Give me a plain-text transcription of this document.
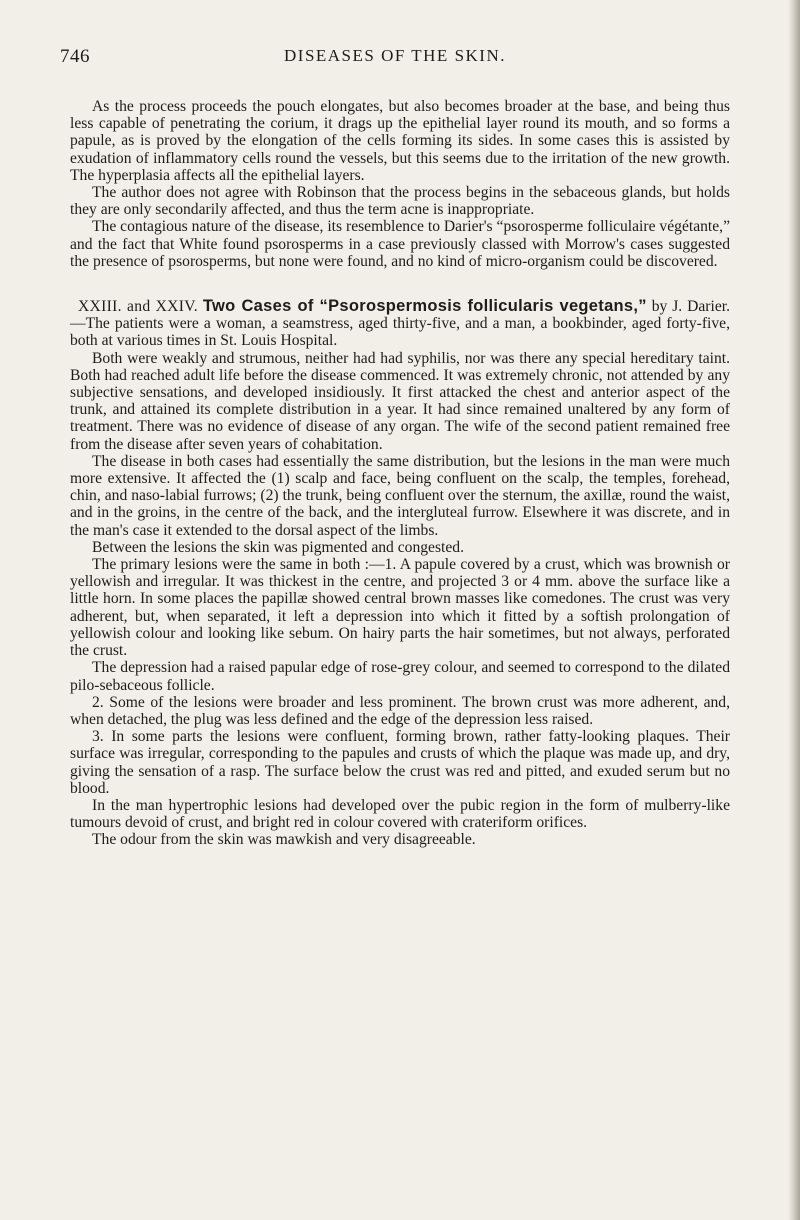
746	DISEASES OF THE SKIN.

As the process proceeds the pouch elongates, but also becomes broader at the base, and being thus less capable of penetrating the corium, it drags up the epithelial layer round its mouth, and so forms a papule, as is proved by the elongation of the cells forming its sides. In some cases this is assisted by exudation of inflammatory cells round the vessels, but this seems due to the irritation of the new growth. The hyperplasia affects all the epithelial layers.

The author does not agree with Robinson that the process begins in the sebaceous glands, but holds they are only secondarily affected, and thus the term acne is inappropriate.

The contagious nature of the disease, its resemblence to Darier's “psorosperme folliculaire végétante,” and the fact that White found psorosperms in a case previously classed with Morrow's cases suggested the presence of psorosperms, but none were found, and no kind of micro-organism could be discovered.

XXIII. and XXIV. Two Cases of “Psorospermosis follicularis vegetans,” by J. Darier.—The patients were a woman, a seamstress, aged thirty-five, and a man, a bookbinder, aged forty-five, both at various times in St. Louis Hospital.

Both were weakly and strumous, neither had had syphilis, nor was there any special hereditary taint. Both had reached adult life before the disease commenced. It was extremely chronic, not attended by any subjective sensations, and developed insidiously. It first attacked the chest and anterior aspect of the trunk, and attained its complete distribution in a year. It had since remained unaltered by any form of treatment. There was no evidence of disease of any organ. The wife of the second patient remained free from the disease after seven years of cohabitation.

The disease in both cases had essentially the same distribution, but the lesions in the man were much more extensive. It affected the (1) scalp and face, being confluent on the scalp, the temples, forehead, chin, and naso-labial furrows; (2) the trunk, being confluent over the sternum, the axillæ, round the waist, and in the groins, in the centre of the back, and the intergluteal furrow. Elsewhere it was discrete, and in the man's case it extended to the dorsal aspect of the limbs.

Between the lesions the skin was pigmented and congested.

The primary lesions were the same in both :—1. A papule covered by a crust, which was brownish or yellowish and irregular. It was thickest in the centre, and projected 3 or 4 mm. above the surface like a little horn. In some places the papillæ showed central brown masses like comedones. The crust was very adherent, but, when separated, it left a depression into which it fitted by a softish prolongation of yellowish colour and looking like sebum. On hairy parts the hair sometimes, but not always, perforated the crust.

The depression had a raised papular edge of rose-grey colour, and seemed to correspond to the dilated pilo-sebaceous follicle.

2. Some of the lesions were broader and less prominent. The brown crust was more adherent, and, when detached, the plug was less defined and the edge of the depression less raised.

3. In some parts the lesions were confluent, forming brown, rather fatty-looking plaques. Their surface was irregular, corresponding to the papules and crusts of which the plaque was made up, and dry, giving the sensation of a rasp. The surface below the crust was red and pitted, and exuded serum but no blood.

In the man hypertrophic lesions had developed over the pubic region in the form of mulberry-like tumours devoid of crust, and bright red in colour covered with crateriform orifices.

The odour from the skin was mawkish and very disagreeable.
